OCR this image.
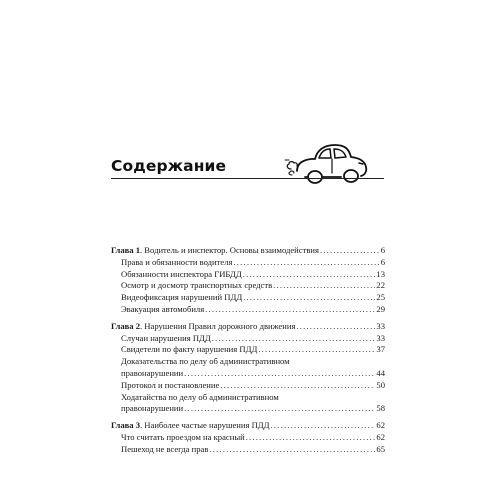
Содержание
Глава 1. Водитель и инспектор. Основы взаимодействия .....	6
Права и обязанности водителя .....	6
Обязанности инспектора ГИБДД .....	13
Осмотр и досмотр транспортных средств .....	22
Видеофиксация нарушений ПДД .....	25
Эвакуация автомобиля .....	29
Глава 2. Нарушения Правил дорожного движения .....	33
Случаи нарушения ПДД .....	33
Свидетели по факту нарушения ПДД .....	37
Доказательства по делу об административном
правонарушении .....	44
Протокол и постановление .....	50
Ходатайства по делу об административном
правонарушении .....	58
Глава 3. Наиболее частые нарушения ПДД .....	62
Что считать проездом на красный .....	62
Пешеход не всегда прав .....	65
